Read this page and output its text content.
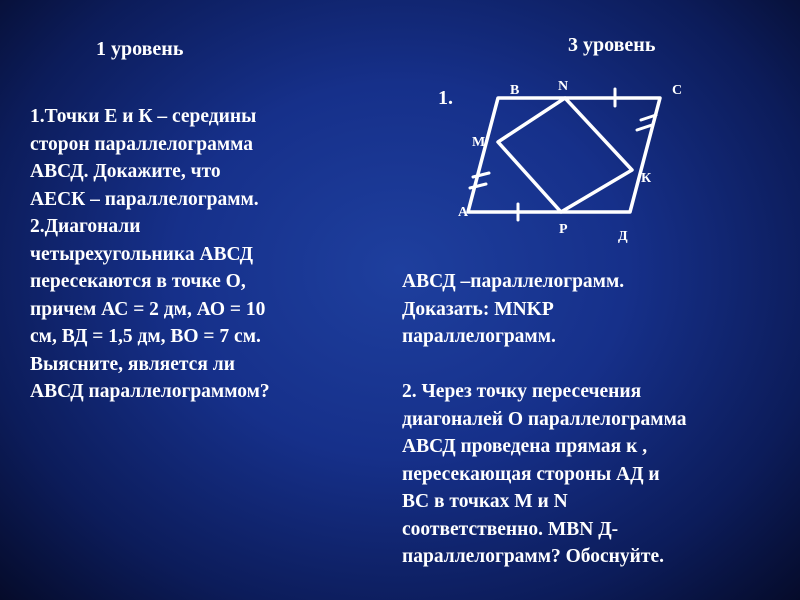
1 уровень	3 уровень
1.Точки Е и К – середины
сторон параллелограмма
АВСД. Докажите, что
АЕСК – параллелограмм.
2.Диагонали
четырехугольника АВСД
пересекаются в точке О,
причем АС = 2 дм, АО = 10
см, ВД = 1,5 дм, ВО = 7 см.
Выясните, является ли
АВСД параллелограммом?
1.	В	N	С
М
К
А
Р	Д
АВСД –параллелограмм.
Доказать: MNKP
параллелограмм.
2. Через точку пересечения
диагоналей О параллелограмма
АВСД проведена прямая к ,
пересекающая стороны АД и
ВС в точках М и N
соответственно. MBN Д-
параллелограмм? Обоснуйте.
